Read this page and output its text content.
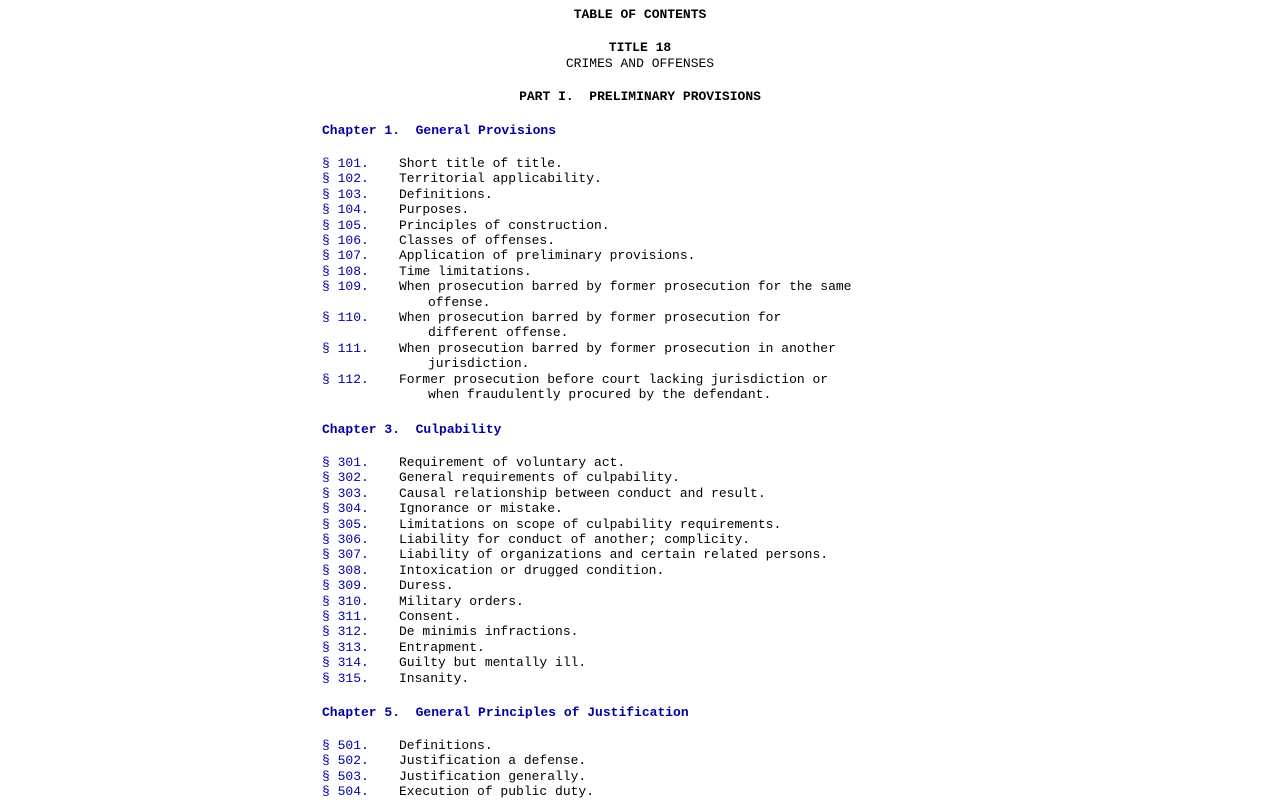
TABLE OF CONTENTS
TITLE 18
CRIMES AND OFFENSES
PART I.  PRELIMINARY PROVISIONS
Chapter 1.  General Provisions
§ 101. Short title of title.
§ 102. Territorial applicability.
§ 103. Definitions.
§ 104. Purposes.
§ 105. Principles of construction.
§ 106. Classes of offenses.
§ 107. Application of preliminary provisions.
§ 108. Time limitations.
§ 109. When prosecution barred by former prosecution for the same
offense.
§ 110. When prosecution barred by former prosecution for
different offense.
§ 111. When prosecution barred by former prosecution in another
jurisdiction.
§ 112. Former prosecution before court lacking jurisdiction or
when fraudulently procured by the defendant.
Chapter 3.  Culpability
§ 301. Requirement of voluntary act.
§ 302. General requirements of culpability.
§ 303. Causal relationship between conduct and result.
§ 304. Ignorance or mistake.
§ 305. Limitations on scope of culpability requirements.
§ 306. Liability for conduct of another; complicity.
§ 307. Liability of organizations and certain related persons.
§ 308. Intoxication or drugged condition.
§ 309. Duress.
§ 310. Military orders.
§ 311. Consent.
§ 312. De minimis infractions.
§ 313. Entrapment.
§ 314. Guilty but mentally ill.
§ 315. Insanity.
Chapter 5.  General Principles of Justification
§ 501. Definitions.
§ 502. Justification a defense.
§ 503. Justification generally.
§ 504. Execution of public duty.
